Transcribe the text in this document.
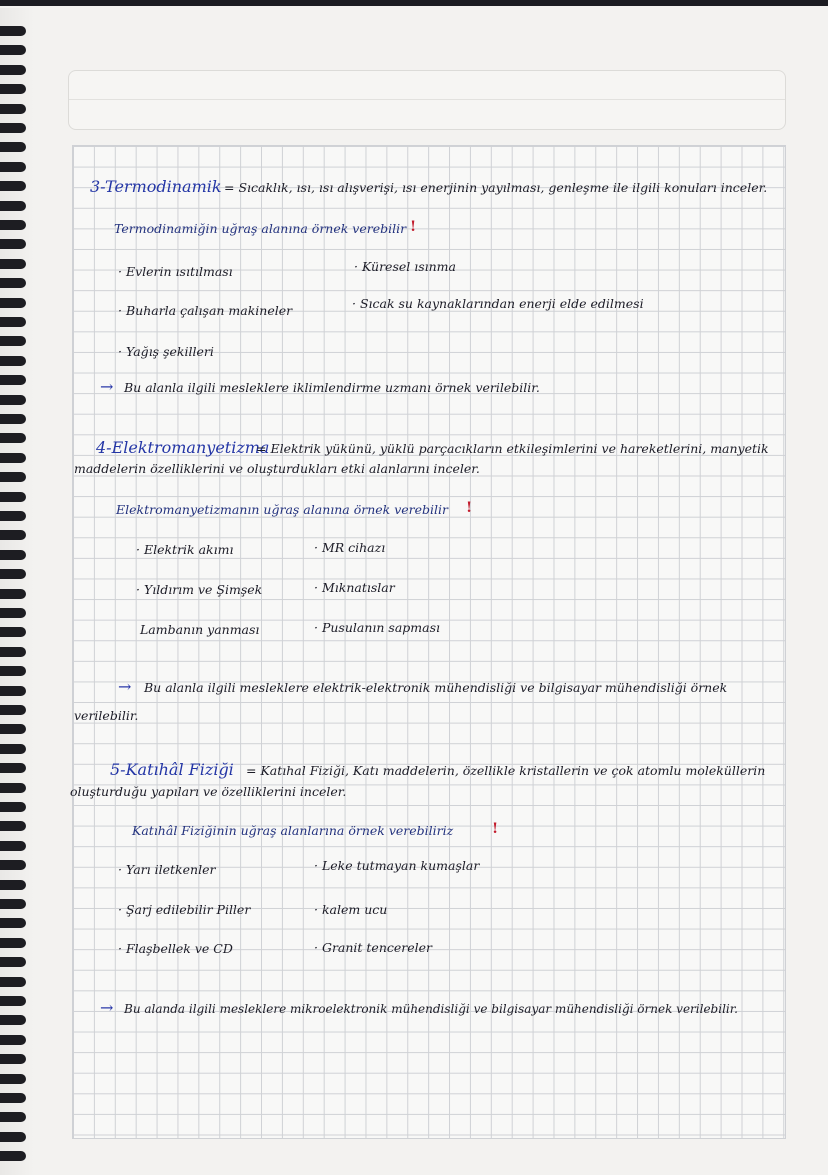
3-Termodinamik = Sıcaklık, ısı, ısı alışverişi, ısı enerjinin yayılması, genleşme ile ilgili konuları inceler.
Termodinamiğin uğraş alanına örnek verebilir !
· Evlerin ısıtılması	· Küresel ısınma
· Buharla çalışan makineler	· Sıcak su kaynaklarından enerji elde edilmesi
· Yağış şekilleri
→ Bu alanla ilgili mesleklere iklimlendirme uzmanı örnek verilebilir.
4-Elektromanyetizma
= Elektrik yükünü, yüklü parçacıkların etkileşimlerini ve hareketlerini, manyetik
maddelerin özelliklerini ve oluşturdukları etki alanlarını inceler.
Elektromanyetizmanın uğraş alanına örnek verebilir !
· Elektrik akımı	· MR cihazı
· Yıldırım ve Şimşek	· Mıknatıslar
Lambanın yanması	· Pusulanın sapması
→ Bu alanla ilgili mesleklere elektrik-elektronik mühendisliği ve bilgisayar mühendisliği örnek
verilebilir.
5-Katıhâl Fiziği = Katıhal Fiziği, Katı maddelerin, özellikle kristallerin ve çok atomlu moleküllerin
oluşturduğu yapıları ve özelliklerini inceler.
Katıhâl Fiziğinin uğraş alanlarına örnek verebiliriz	!
· Yarı iletkenler	· Leke tutmayan kumaşlar
· Şarj edilebilir Piller	· kalem ucu
· Flaşbellek ve CD	· Granit tencereler
→ Bu alanda ilgili mesleklere mikroelektronik mühendisliği ve bilgisayar mühendisliği örnek verilebilir.
